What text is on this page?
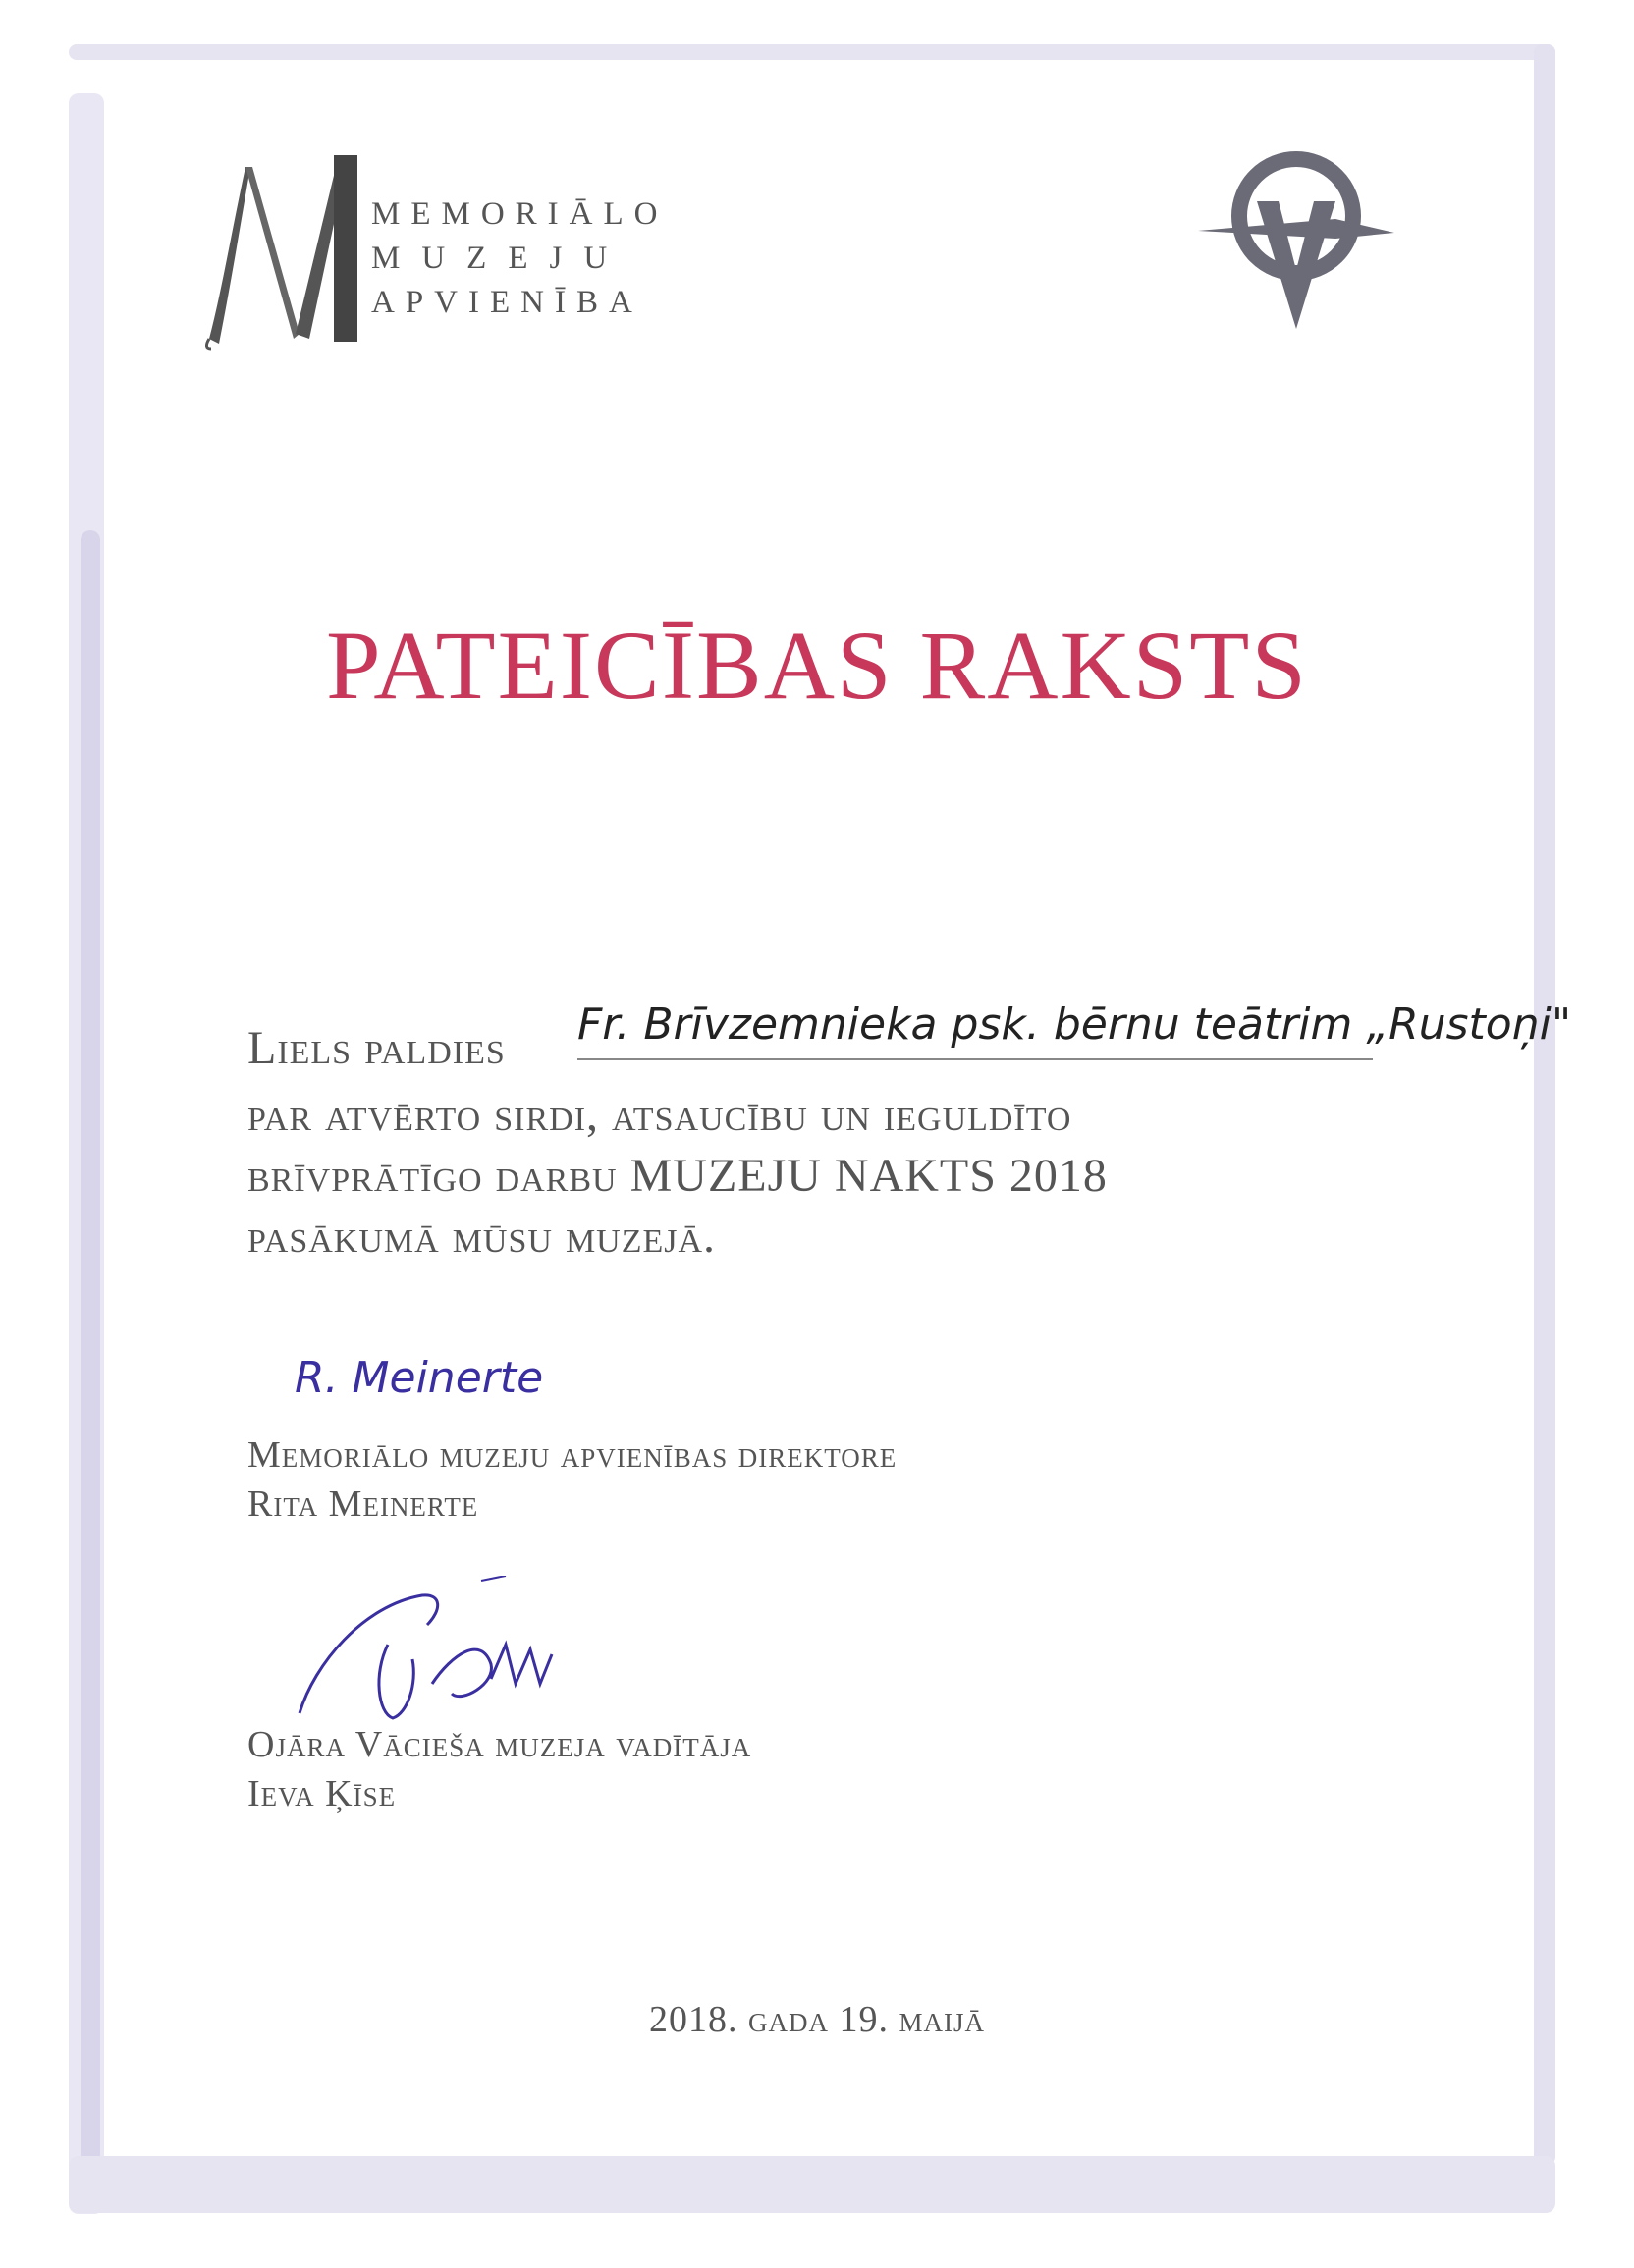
MEMORIĀLO
MUZEJU
APVIENĪBA
PATEICĪBAS RAKSTS
Liels paldies Fr. Brīvzemnieka psk. bērnu teātrim „Rustoņi"
par atvērto sirdi, atsaucību un ieguldīto
brīvprātīgo darbu MUZEJU NAKTS 2018
pasākumā mūsu muzejā.
R. Meinerte
Memoriālo muzeju apvienības direktore
Rita Meinerte
Ojāra Vācieša muzeja vadītāja
Ieva Ķīse
2018. gada 19. maijā
